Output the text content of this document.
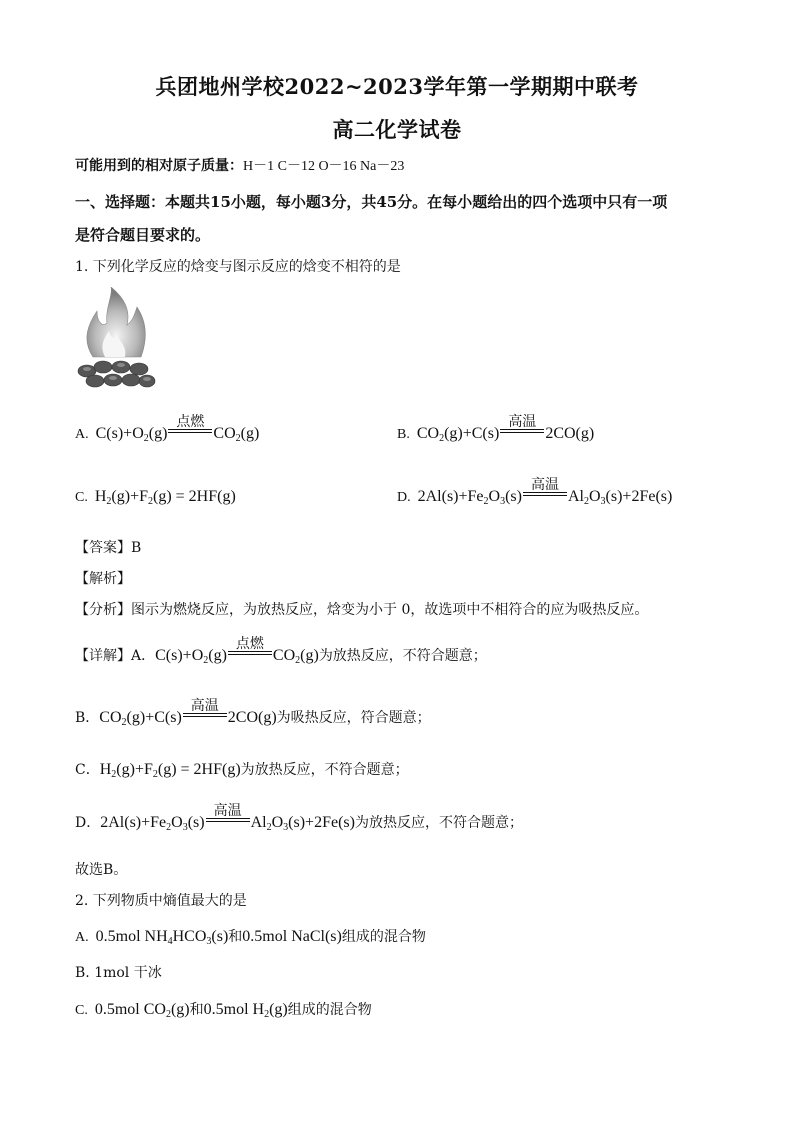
兵团地州学校2022~2023学年第一学期期中联考
高二化学试卷
可能用到的相对原子质量：H－1 C－12 O－16 Na－23
一、选择题：本题共15小题，每小题3分，共45分。在每小题给出的四个选项中只有一项
是符合题目要求的。
1. 下列化学反应的焓变与图示反应的焓变不相符的是
A.  $C(s)+O_2(g)$
点燃
$CO_2(g)$	B.  $CO_2(g)+C(s)$
高温
2CO(g)
C.  $H_2(g)+F_2(g) = 2HF(g)$	D.  $2Al(s)+Fe_2O_3(s)$
高温
$Al_2O_3(s)+2Fe(s)$
【答案】B
【解析】
【分析】图示为燃烧反应，为放热反应，焓变为小于 0，故选项中不相符合的应为吸热反应。
【详解】A．$C(s)+O_2(g)$
点燃
$CO_2(g)$为放热反应，不符合题意；
B．$CO_2(g)+C(s)$
高温
2CO(g)为吸热反应，符合题意；
C．$H_2(g)+F_2(g) = 2HF(g)$为放热反应，不符合题意；
D．$2Al(s)+Fe_2O_3(s)$
高温
$Al_2O_3(s)+2Fe(s)$为放热反应，不符合题意；
故选B。
2. 下列物质中熵值最大的是
A.  0.5mol $NH_4HCO_3(s)$和0.5mol NaCl(s)组成的混合物
B. 1mol 干冰
C.  0.5mol $CO_2(g)$和0.5mol $H_2(g)$组成的混合物
